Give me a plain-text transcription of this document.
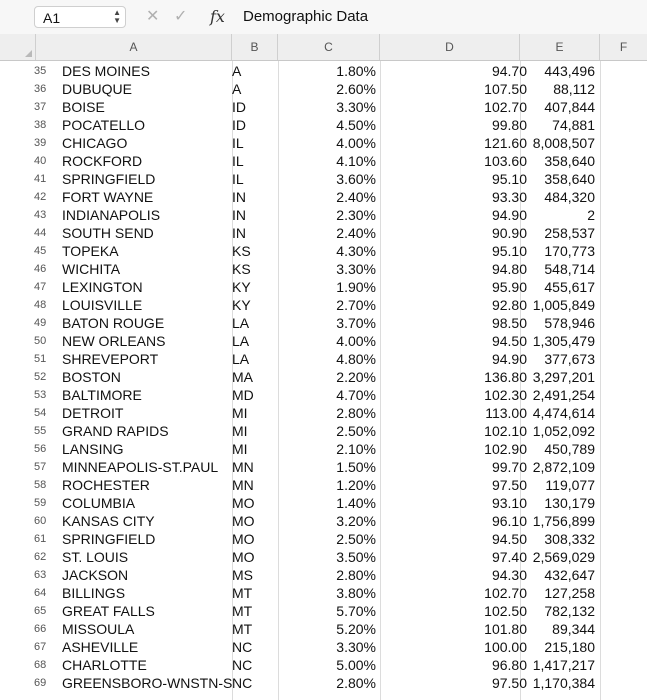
A1	▲
▼ ✕ ✓ fx Demographic Data
A	B	C	D	E	F
35	DES MOINES	A	1.80%	94.70	443,496
36	DUBUQUE	A	2.60%	107.50	88,112
37	BOISE	ID	3.30%	102.70	407,844
38	POCATELLO	ID	4.50%	99.80	74,881
39	CHICAGO	IL	4.00%	121.60 8,008,507
40	ROCKFORD	IL	4.10%	103.60	358,640
41	SPRINGFIELD	IL	3.60%	95.10	358,640
42	FORT WAYNE	IN	2.40%	93.30	484,320
43	INDIANAPOLIS	IN	2.30%	94.90	2
44	SOUTH SEND	IN	2.40%	90.90	258,537
45	TOPEKA	KS	4.30%	95.10	170,773
46	WICHITA	KS	3.30%	94.80	548,714
47	LEXINGTON	KY	1.90%	95.90	455,617
48	LOUISVILLE	KY	2.70%	92.80 1,005,849
49	BATON ROUGE	LA	3.70%	98.50	578,946
50	NEW ORLEANS	LA	4.00%	94.50 1,305,479
51	SHREVEPORT	LA	4.80%	94.90	377,673
52	BOSTON	MA	2.20%	136.80 3,297,201
53	BALTIMORE	MD	4.70%	102.30 2,491,254
54	DETROIT	MI	2.80%	113.00 4,474,614
55	GRAND RAPIDS	MI	2.50%	102.10 1,052,092
56	LANSING	MI	2.10%	102.90	450,789
57	MINNEAPOLIS-ST.PAUL MN	1.50%	99.70 2,872,109
58	ROCHESTER	MN	1.20%	97.50	119,077
59	COLUMBIA	MO	1.40%	93.10	130,179
60	KANSAS CITY	MO	3.20%	96.10 1,756,899
61	SPRINGFIELD	MO	2.50%	94.50	308,332
62	ST. LOUIS	MO	3.50%	97.40 2,569,029
63	JACKSON	MS	2.80%	94.30	432,647
64	BILLINGS	MT	3.80%	102.70	127,258
65	GREAT FALLS	MT	5.70%	102.50	782,132
66	MISSOULA	MT	5.20%	101.80	89,344
67	ASHEVILLE	NC	3.30%	100.00	215,180
68	CHARLOTTE	NC	5.00%	96.80 1,417,217
69	GREENSBORO-WNSTN-S NC	2.80%	97.50 1,170,384
